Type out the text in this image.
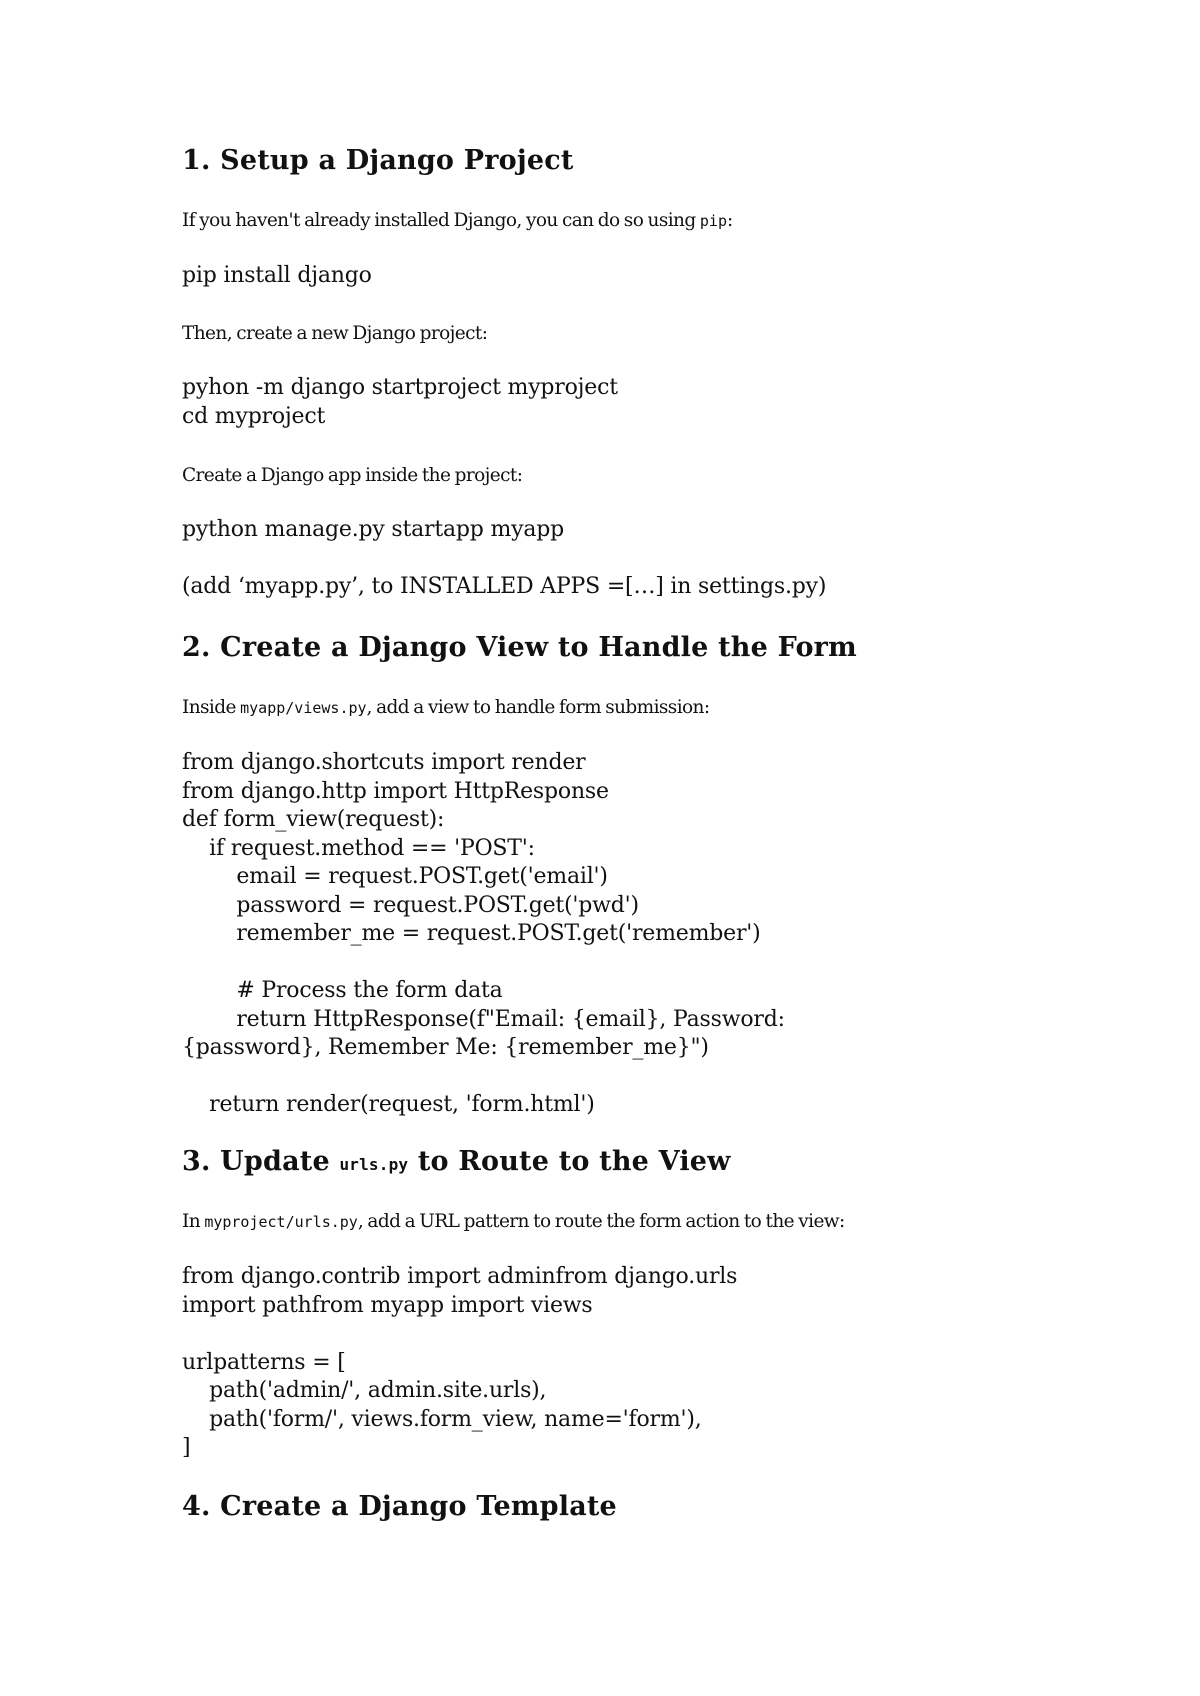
1. Setup a Django Project

If you haven't already installed Django, you can do so using pip:

pip install django

Then, create a new Django project:

pyhon -m django startproject myproject
cd myproject

Create a Django app inside the project:

python manage.py startapp myapp
(add ‘myapp.py’, to INSTALLED APPS =[…] in settings.py)
2. Create a Django View to Handle the Form

Inside myapp/views.py, add a view to handle form submission:

from django.shortcuts import render
from django.http import HttpResponse
def form_view(request):
if request.method == 'POST':
email = request.POST.get('email')
password = request.POST.get('pwd')
remember_me = request.POST.get('remember')

# Process the form data
return HttpResponse(f"Email: {email}, Password:
{password}, Remember Me: {remember_me}")

return render(request, 'form.html')
3. Update urls.py to Route to the View

In myproject/urls.py, add a URL pattern to route the form action to the view:

from django.contrib import adminfrom django.urls
import pathfrom myapp import views

urlpatterns = [
path('admin/', admin.site.urls),
path('form/', views.form_view, name='form'),
]
4. Create a Django Template
